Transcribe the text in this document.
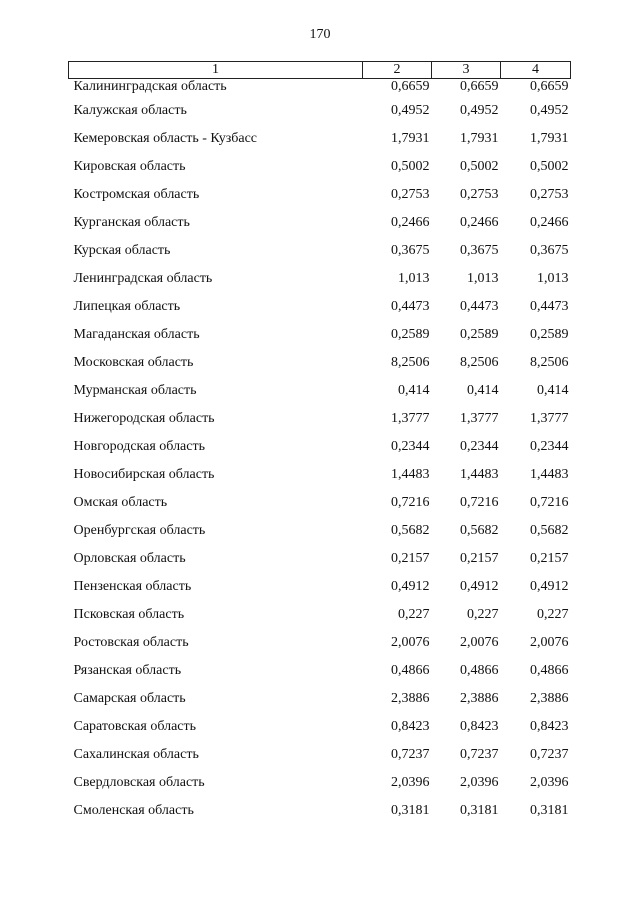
170
1	2	3	4
Калининградская область	0,6659	0,6659	0,6659
Калужская область	0,4952	0,4952	0,4952
Кемеровская область - Кузбасс	1,7931	1,7931	1,7931
Кировская область	0,5002	0,5002	0,5002
Костромская область	0,2753	0,2753	0,2753
Курганская область	0,2466	0,2466	0,2466
Курская область	0,3675	0,3675	0,3675
Ленинградская область	1,013	1,013	1,013
Липецкая область	0,4473	0,4473	0,4473
Магаданская область	0,2589	0,2589	0,2589
Московская область	8,2506	8,2506	8,2506
Мурманская область	0,414	0,414	0,414
Нижегородская область	1,3777	1,3777	1,3777
Новгородская область	0,2344	0,2344	0,2344
Новосибирская область	1,4483	1,4483	1,4483
Омская область	0,7216	0,7216	0,7216
Оренбургская область	0,5682	0,5682	0,5682
Орловская область	0,2157	0,2157	0,2157
Пензенская область	0,4912	0,4912	0,4912
Псковская область	0,227	0,227	0,227
Ростовская область	2,0076	2,0076	2,0076
Рязанская область	0,4866	0,4866	0,4866
Самарская область	2,3886	2,3886	2,3886
Саратовская область	0,8423	0,8423	0,8423
Сахалинская область	0,7237	0,7237	0,7237
Свердловская область	2,0396	2,0396	2,0396
Смоленская область	0,3181	0,3181	0,3181
